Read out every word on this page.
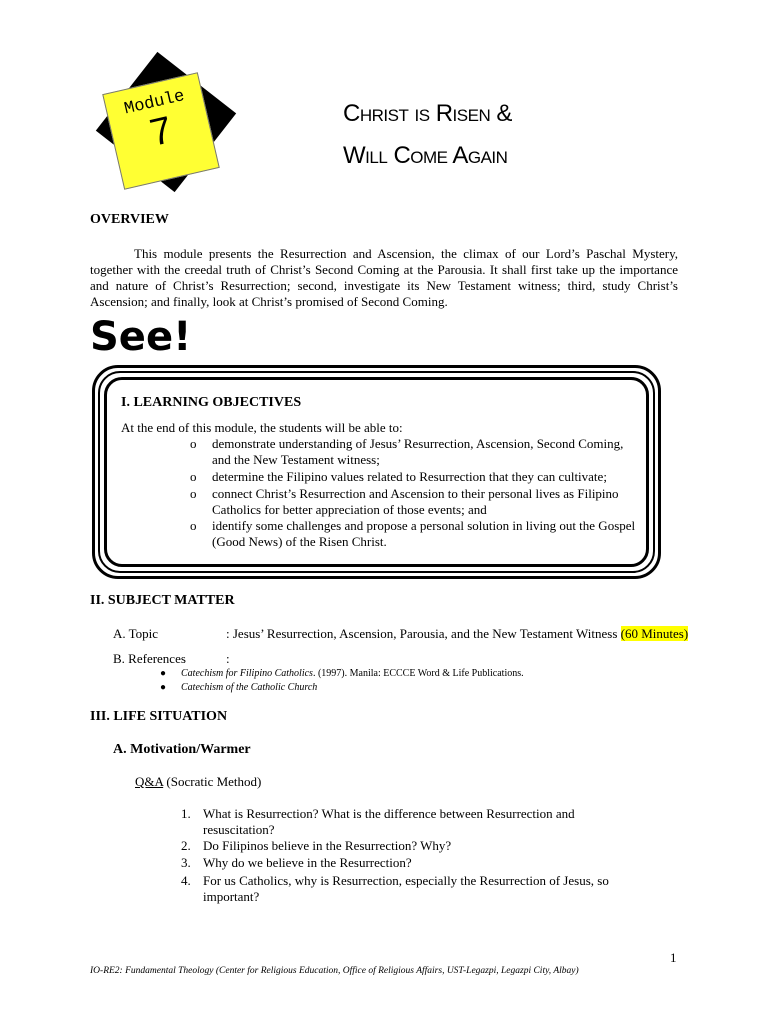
Module
7	Christ is Risen &
Will Come Again
OVERVIEW
This module presents the Resurrection and Ascension, the climax of our Lord’s Paschal Mystery, together with the creedal truth of Christ’s Second Coming at the Parousia. It shall first take up the importance and nature of Christ’s Resurrection; second, investigate its New Testament witness; third, study Christ’s Ascension; and finally, look at Christ’s promised of Second Coming.
See!
I. LEARNING OBJECTIVES
At the end of this module, the students will be able to:
o demonstrate understanding of Jesus’ Resurrection, Ascension, Second Coming, and the New Testament witness;
o determine the Filipino values related to Resurrection that they can cultivate;
o connect Christ’s Resurrection and Ascension to their personal lives as Filipino Catholics for better appreciation of those events; and
o identify some challenges and propose a personal solution in living out the Gospel (Good News) of the Risen Christ.
II. SUBJECT MATTER
A. Topic	: Jesus’ Resurrection, Ascension, Parousia, and the New Testament Witness (60 Minutes)
B. References	:
● Catechism for Filipino Catholics. (1997). Manila: ECCCE Word & Life Publications.
● Catechism of the Catholic Church
III. LIFE SITUATION
A. Motivation/Warmer
Q&A (Socratic Method)
1. What is Resurrection? What is the difference between Resurrection and resuscitation?
2. Do Filipinos believe in the Resurrection? Why?
3. Why do we believe in the Resurrection?
4. For us Catholics, why is Resurrection, especially the Resurrection of Jesus, so important?
1
IO-RE2: Fundamental Theology (Center for Religious Education, Office of Religious Affairs, UST-Legazpi, Legazpi City, Albay)
